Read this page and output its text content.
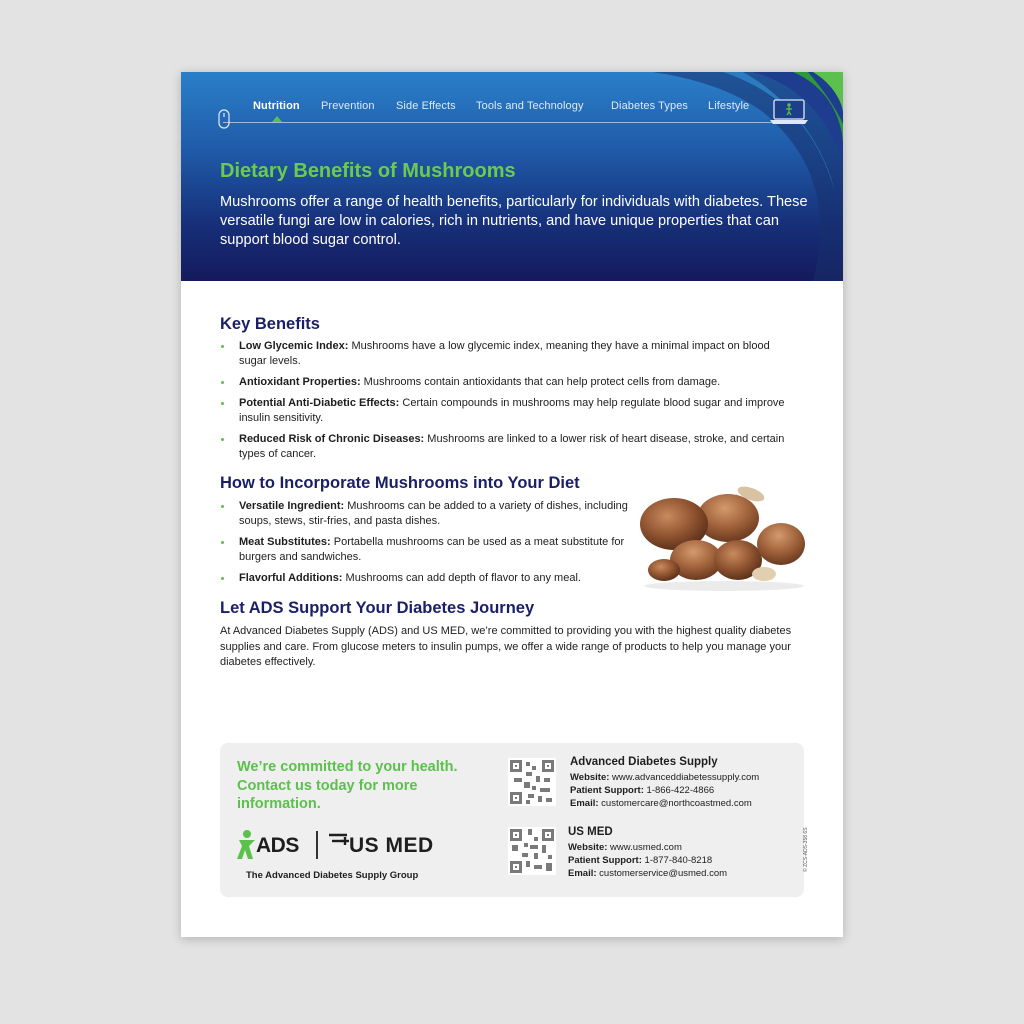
Nutrition Prevention Side Effects Tools and Technology Diabetes Types Lifestyle
Dietary Benefits of Mushrooms
Mushrooms offer a range of health benefits, particularly for individuals with diabetes. These versatile fungi are low in calories, rich in nutrients, and have unique properties that can support blood sugar control.
Key Benefits
Low Glycemic Index: Mushrooms have a low glycemic index, meaning they have a minimal impact on blood sugar levels.
Antioxidant Properties: Mushrooms contain antioxidants that can help protect cells from damage.
Potential Anti-Diabetic Effects: Certain compounds in mushrooms may help regulate blood sugar and improve insulin sensitivity.
Reduced Risk of Chronic Diseases: Mushrooms are linked to a lower risk of heart disease, stroke, and certain types of cancer.
How to Incorporate Mushrooms into Your Diet
Versatile Ingredient: Mushrooms can be added to a variety of dishes, including soups, stews, stir-fries, and pasta dishes.
Meat Substitutes: Portabella mushrooms can be used as a meat substitute for burgers and sandwiches.
Flavorful Additions: Mushrooms can add depth of flavor to any meal.
Let ADS Support Your Diabetes Journey
At Advanced Diabetes Supply (ADS) and US MED, we’re committed to providing you with the highest quality diabetes supplies and care. From glucose meters to insulin pumps, we offer a wide range of products to help you manage your diabetes effectively.
We’re committed to your health. Contact us today for more information.
ADS US MED
The Advanced Diabetes Supply Group
Advanced Diabetes Supply
Website: www.advanceddiabetessupply.com
Patient Support: 1-866-422-4866
Email: customercare@northcoastmed.com
US MED
Website: www.usmed.com
Patient Support: 1-877-840-8218
Email: customerservice@usmed.com
© ZCS-ADS-358 6S
